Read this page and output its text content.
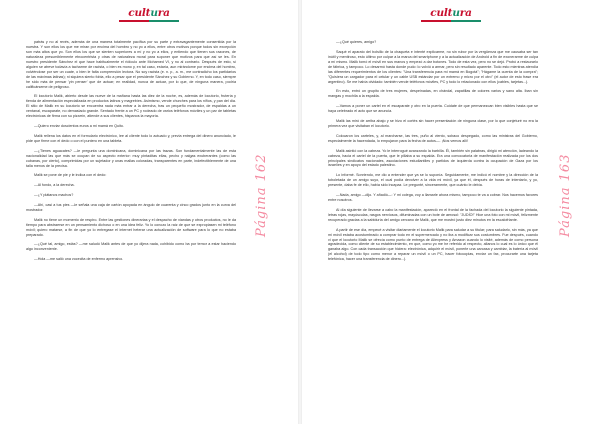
cultura

patrás y no al revés, además de una manera totalmente pacífica por su parte y extravagantemente consentida por la nuestra. Y son ellos los que me miran por encima del hombro y no yo a ellos, entre otros motivos porque todos sin excepción son más altos que yo. Son ellos los que se sienten superiores a mí y no yo a ellos, y entiendo que tienen sus razones, de naturaleza presumiblemente etnocentrista y otras de naturaleza moral para suponer que motivos para que así se les. En nuestro presidente Sánchez el que hace habitualmente el ridículo ante Mohamed VI, y no al contrario. Después de esto, sí alguien se atreve todavía a tacharme de racista, o bien es mono y, en tal caso, estaría, aun mirándome por encima del hombro, volviéndose por ser un cuate, o bien le falta comprensión lectora. No soy racista (e. n. p., a. m., me contradicho los partidarios de las máximas latinas); ni siquiera siento fobia, ello a pesar que el presidente Sánchez y su Gobierno. Y, en todo caso, siempre he sido más de pensar 'yin penser' que de actuar; en realidad, nunca de actuar, por lo que, de ninguna manera, podría calificárseme de peligroso.

El locutorio Malik, abierto desde las nueve de la mañana hasta las diez de la noche, es, además de locutorio, frutería y tienda de alimentación especializada en productos latinos y magrebíes. Asimismo, vende churches para los niños, y pan del día. El sitio de Malik en su locutorio se encuentra nada más entrar a la derecha, tras un pequeño mostrador, de espaldas a un ventanal, escaparate, no demasiado grande. Sentado frente a un PC y rodeado de varios teléfonos móviles y un par de tabletas electrónicas de firma con su pizarrín, atiende a sus clientes, hispanos la mayoría.

—Quiero enviar doscientos euros a mi mamá en Quito.

Malik rellena los datos en el formulario electrónico, lee al cliente todo lo actuado y, previa entrega del dinero anunciado, le pide que firme con el dedo o con el puntero en una tableta.

—¿Tienes aguacates? —le pregunta una dominicana, dominicana por las trazas. Son fundamentalmente las de esta nacionalidad las que más se ocupan de su aspecto exterior: muy pintaditas ellas, pecho y nalgas exuberantes (como las cubanas, por cierto), comprimidas por un sujetador y unas mallas coloradas, transparentes en parte, indefectiblemente de una talla menos de la precisa.

Malik se pone de pie y le indica con el dedo:

—Al fondo, a la derecha.

—¿Y plátanos machos?

—Ahí, casi a tus pies —le señala una caja de cartón apoyada en ángulo de cuarenta y cinco grados junto en la curva del mostrador.

Malik no tiene un momento de respiro. Entre las gestiones dinerarias y el despacho de viandas y otros productos, no le da tiempo para abstraerse en un pensamiento dichoso o en una idea feliz. Yo lo conozo la raíz de que se expropiasen mi teléfono móvil; quiero matarse, a fin de que yo lo entregase el internet heterar una actualización de software para lo que no estaba preparado.

—¿Qué tal, amigo, estás? —me saludó Malik antes de que yo dijera nada, cohibido como ba por temor a estar haciendo algo inconveniente.

—Hola —me salió una vocecita de enfermo aprensivo.

Página 162
cultura

—¿Qué quieres, amigo?

Saqué el aparato del bolsillo de la chaqueta e intenté explicarme, no sin rubor por la vergüenza que me causaba ser tan inútil y mentiroso, esto último por culpar a la marca del smartphone y a la actualización de Android a fin de exonerarme de culpa a mí mismo. Malik tomó el móvil en sus manos y empezó a dar botones. Todo de esta vez, pero no se dejó. Probó a restaurarlo de fábrica, y tampoco. Lo desarmó hasta donde pudo: lo volvió a armar, pero sin resultado aparente. Todo esto mientras atendía las diferentes requerimientos de los clientes: "Una transferencia para mi mamá en Bogotá"; "Hágame la cuenta de la compra"; "Quisiera un cargador para el celular y un cable USB estándar por un extremo y micro por el otro" (el autor de esto frase era argentino). Se me había olvidado: también vende teléfonos móviles, PC y todo lo relacionado con ellos (cables, tarjetas...).

En esto, entró un grupito de tres mujeres, despeinadas, en chándal, zapatillas de colores varios y sano alta. Iban sin mangas y mochila a la espalda.

—Vamos a poner un cartel en el escaparate y otro en la puerta. Cuídate de que permanezcan bien visibles hasta que se haya celebrado el acto que se anuncia.

Malik las miró de arriba abajo y se hizo el cortés sin hacer presentación de ninguna clase, por lo que conjeturé no era la primera vez que visitaban el locutorio.

Colocaron los carteles, y, al marcharse, las tres, puño al viento, sobaco despegado, como las ministras del Gobierno, especialmente la hacendada, lo empujaron para la fecha de autos—. ¡Nos vemos allí!

Malik asintió con la cabeza. Yo le interrogué avanzando la barbilla. Él, también sin palabras, dirigió mi atención, ladeando la cabeza, hacia el cartel de la puerta, que le pillaba a su espalda. Era una convocatoria de manifestación realizada por los dos principales sindicatos nacionales, asociaciones estudiantiles y partidos de izquierda contra la ocupación de Gaza por los israelíes y en apoyo del estado palestino.

Lo informé. Sonriendo, me dio a entender que ya se lo suponía. Seguidamente, me indicó el nombre y la dirección de la toboletada de un amigo suyo, el cual podía devolver a la vida mi móvil, ya que él, después de horas de intentarlo, y yo, presente, daba fe de ello, había sido incapaz. Le pregunté, sinceramente, que cuánto le debía.

—Nada, amigo —dijo. Y añadió—: Y mi colega, voy a llamarle ahora mismo, tampoco te va a cobrar. Nos hacemos favores entre nosotros.

Al día siguiente de llevarse a cabo la manifestación, apareció en el frontal de la fachada del locutorio la siguiente pintada, letras rojas, mayúsculas, rasgos nerviosos, difuminadas con un bote de aerosol: "JUDÍO!" Hice una foto con mi móvil, felizmente recuperado gracias a la sabiduría del amigo cercano de Malik, que me mostró justo diez minutos en la escalofriante.

A partir de ese día, empecé a visitar diariamente el locutorio Malik para saludar a su titular; para saludarlo, sin más, ya que mi móvil estaba acostumbrado a comprar todo en el supermercado y no iba a modificar sus costumbres. Fue después, cuando vi que el locutorio Malik se ofrecía como punto de entrega de Aliexpress y Amazon cuando lo visité, además de como persona agradecida, como cliente de su establecimiento, en que, como yo me he referido al respecto, allanos lo cual es lo único que él ganaba algo. Con cada transacción que hiciera: electrónica, adquirir el móvil, ponerle una carcasa y cambiar, la batería al móvil (el alcohol) de todo tipo como menor a reparar un móvil o un PC, hacer fotocopias, enviar un fax, procurarte una tarjeta telefónica, hacer una transferencia de dinero...).

Página 163
